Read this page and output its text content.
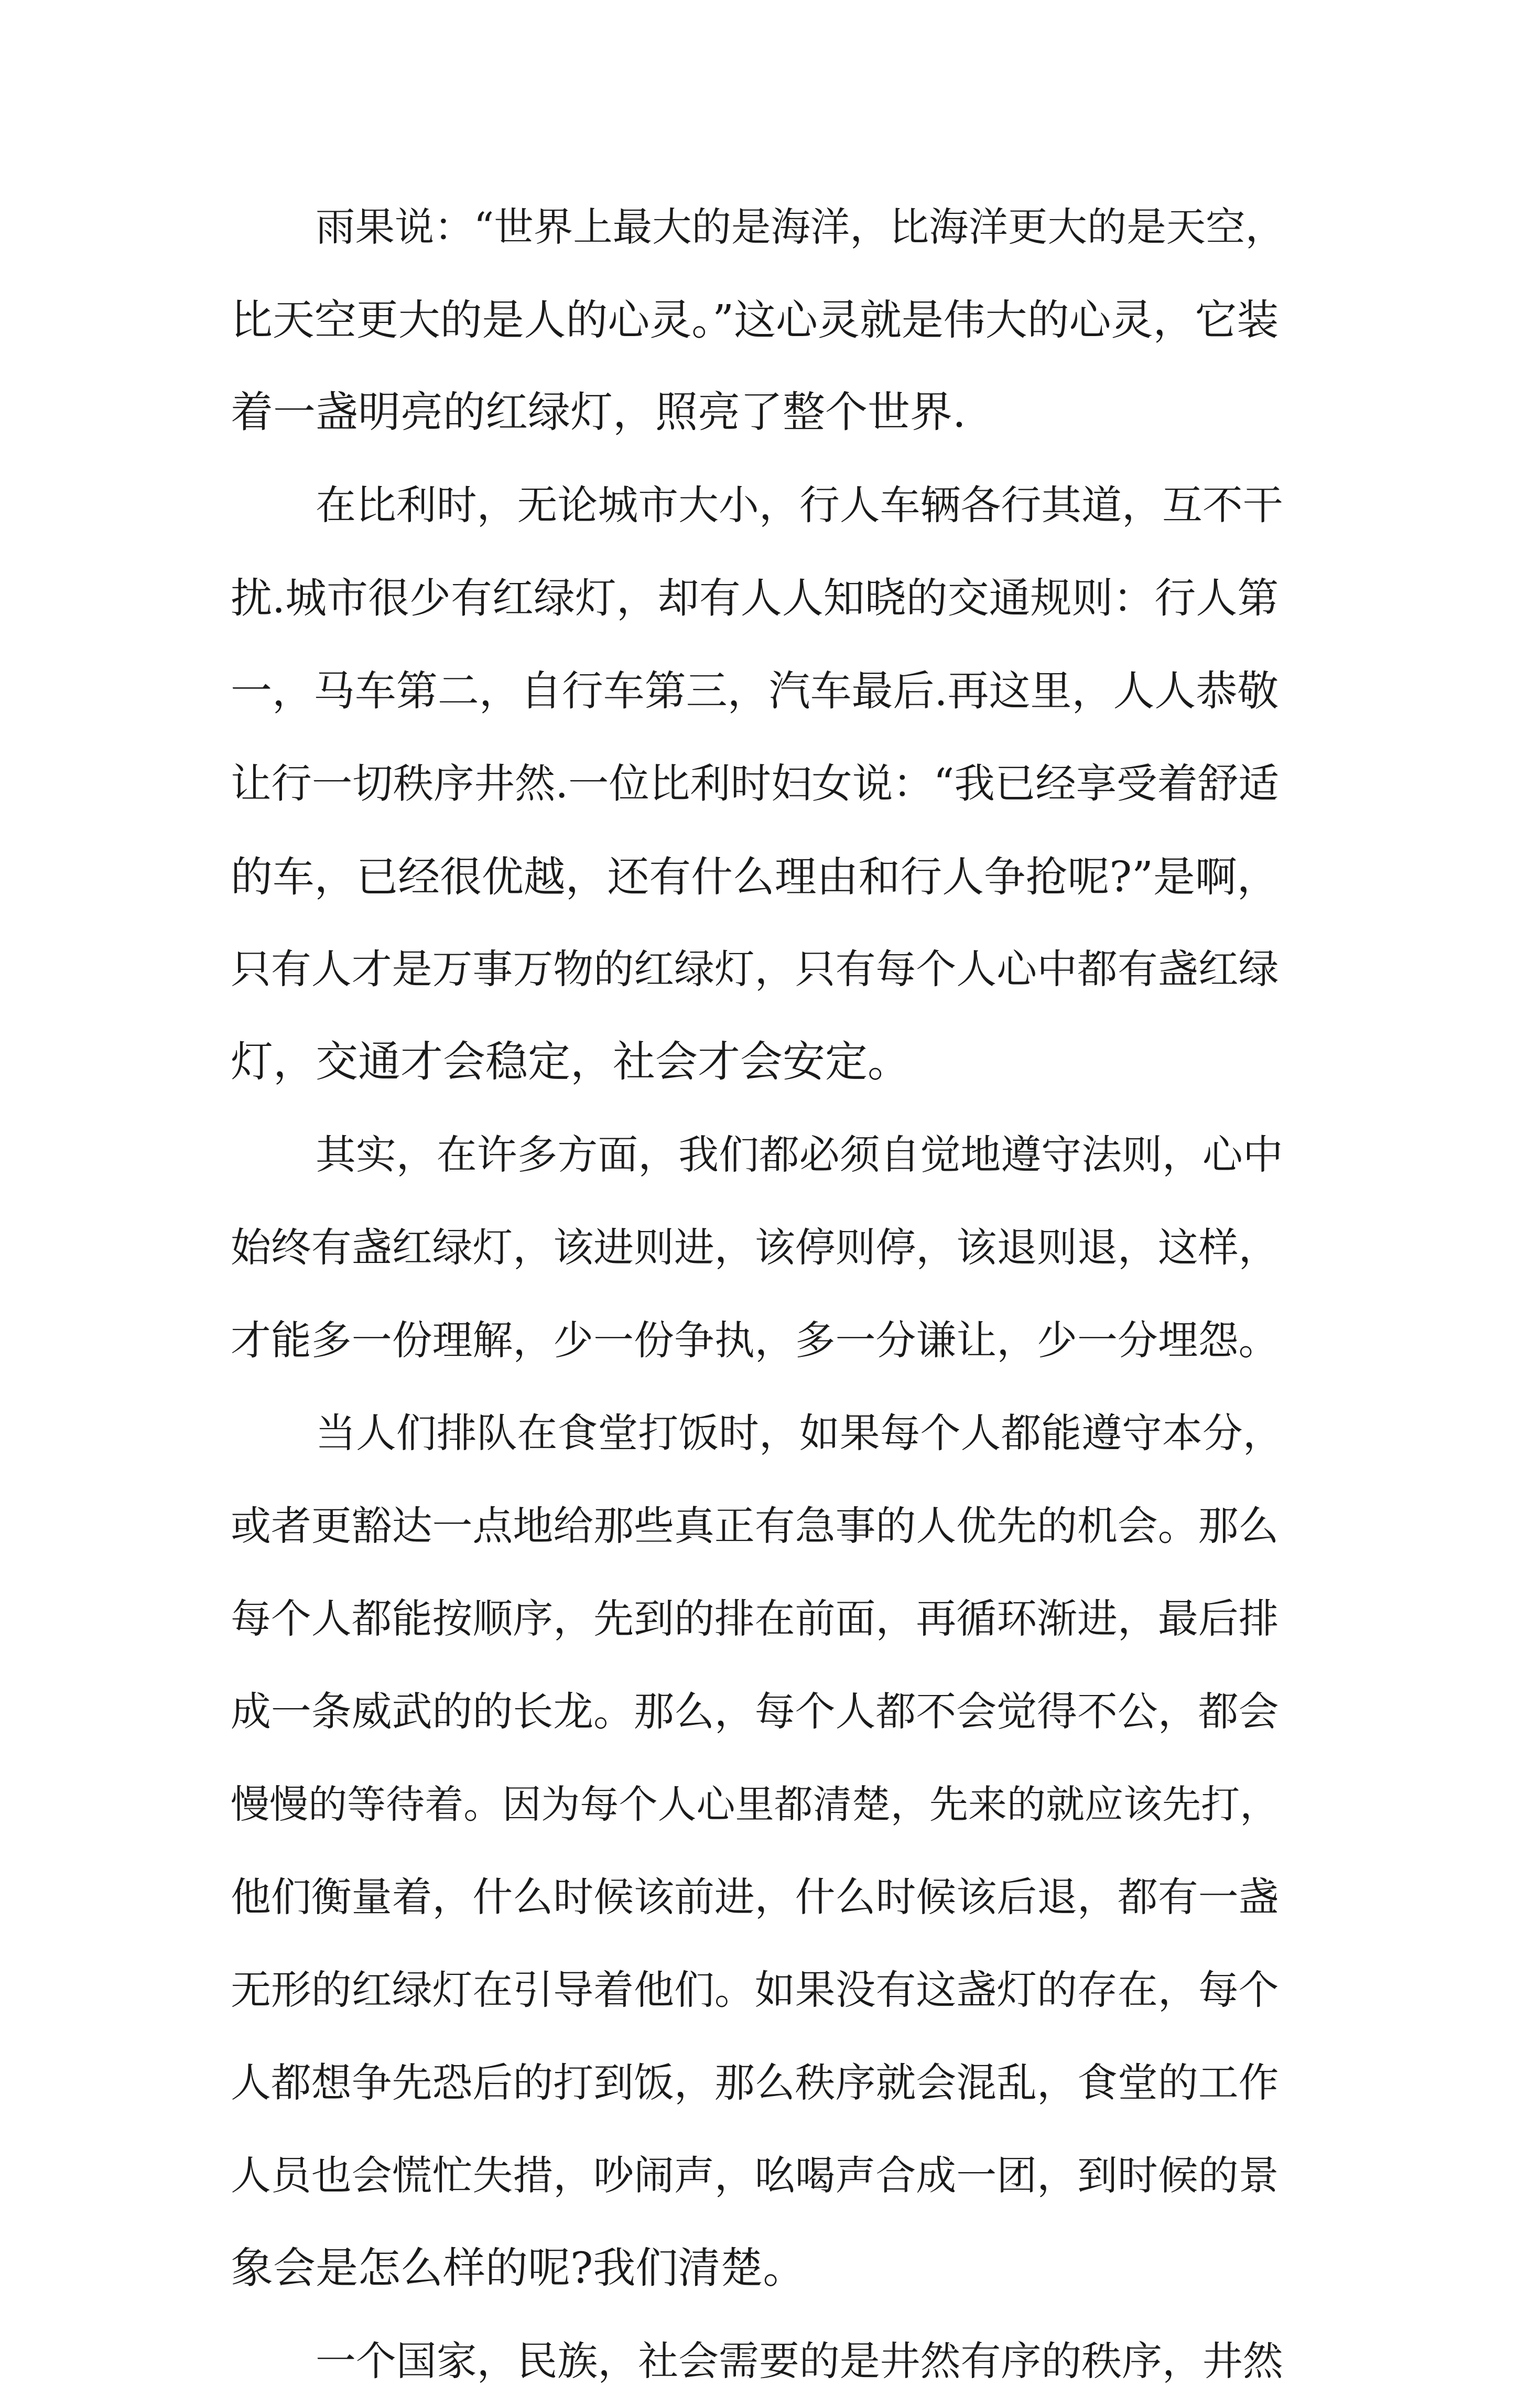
雨果说：“世界上最大的是海洋，比海洋更大的是天空，
比天空更大的是人的心灵。”这心灵就是伟大的心灵，它装
着一盏明亮的红绿灯，照亮了整个世界.
在比利时，无论城市大小，行人车辆各行其道，互不干
扰.城市很少有红绿灯，却有人人知晓的交通规则：行人第
一，马车第二，自行车第三，汽车最后.再这里，人人恭敬
让行一切秩序井然.一位比利时妇女说：“我已经享受着舒适
的车，已经很优越，还有什么理由和行人争抢呢?”是啊，
只有人才是万事万物的红绿灯，只有每个人心中都有盏红绿
灯，交通才会稳定，社会才会安定。
其实，在许多方面，我们都必须自觉地遵守法则，心中
始终有盏红绿灯，该进则进，该停则停，该退则退，这样，
才能多一份理解，少一份争执，多一分谦让，少一分埋怨。
当人们排队在食堂打饭时，如果每个人都能遵守本分，
或者更豁达一点地给那些真正有急事的人优先的机会。那么
每个人都能按顺序，先到的排在前面，再循环渐进，最后排
成一条威武的的长龙。那么，每个人都不会觉得不公，都会
慢慢的等待着。因为每个人心里都清楚，先来的就应该先打，
他们衡量着，什么时候该前进，什么时候该后退，都有一盏
无形的红绿灯在引导着他们。如果没有这盏灯的存在，每个
人都想争先恐后的打到饭，那么秩序就会混乱，食堂的工作
人员也会慌忙失措，吵闹声，吆喝声合成一团，到时候的景
象会是怎么样的呢?我们清楚。
一个国家，民族，社会需要的是井然有序的秩序，井然
